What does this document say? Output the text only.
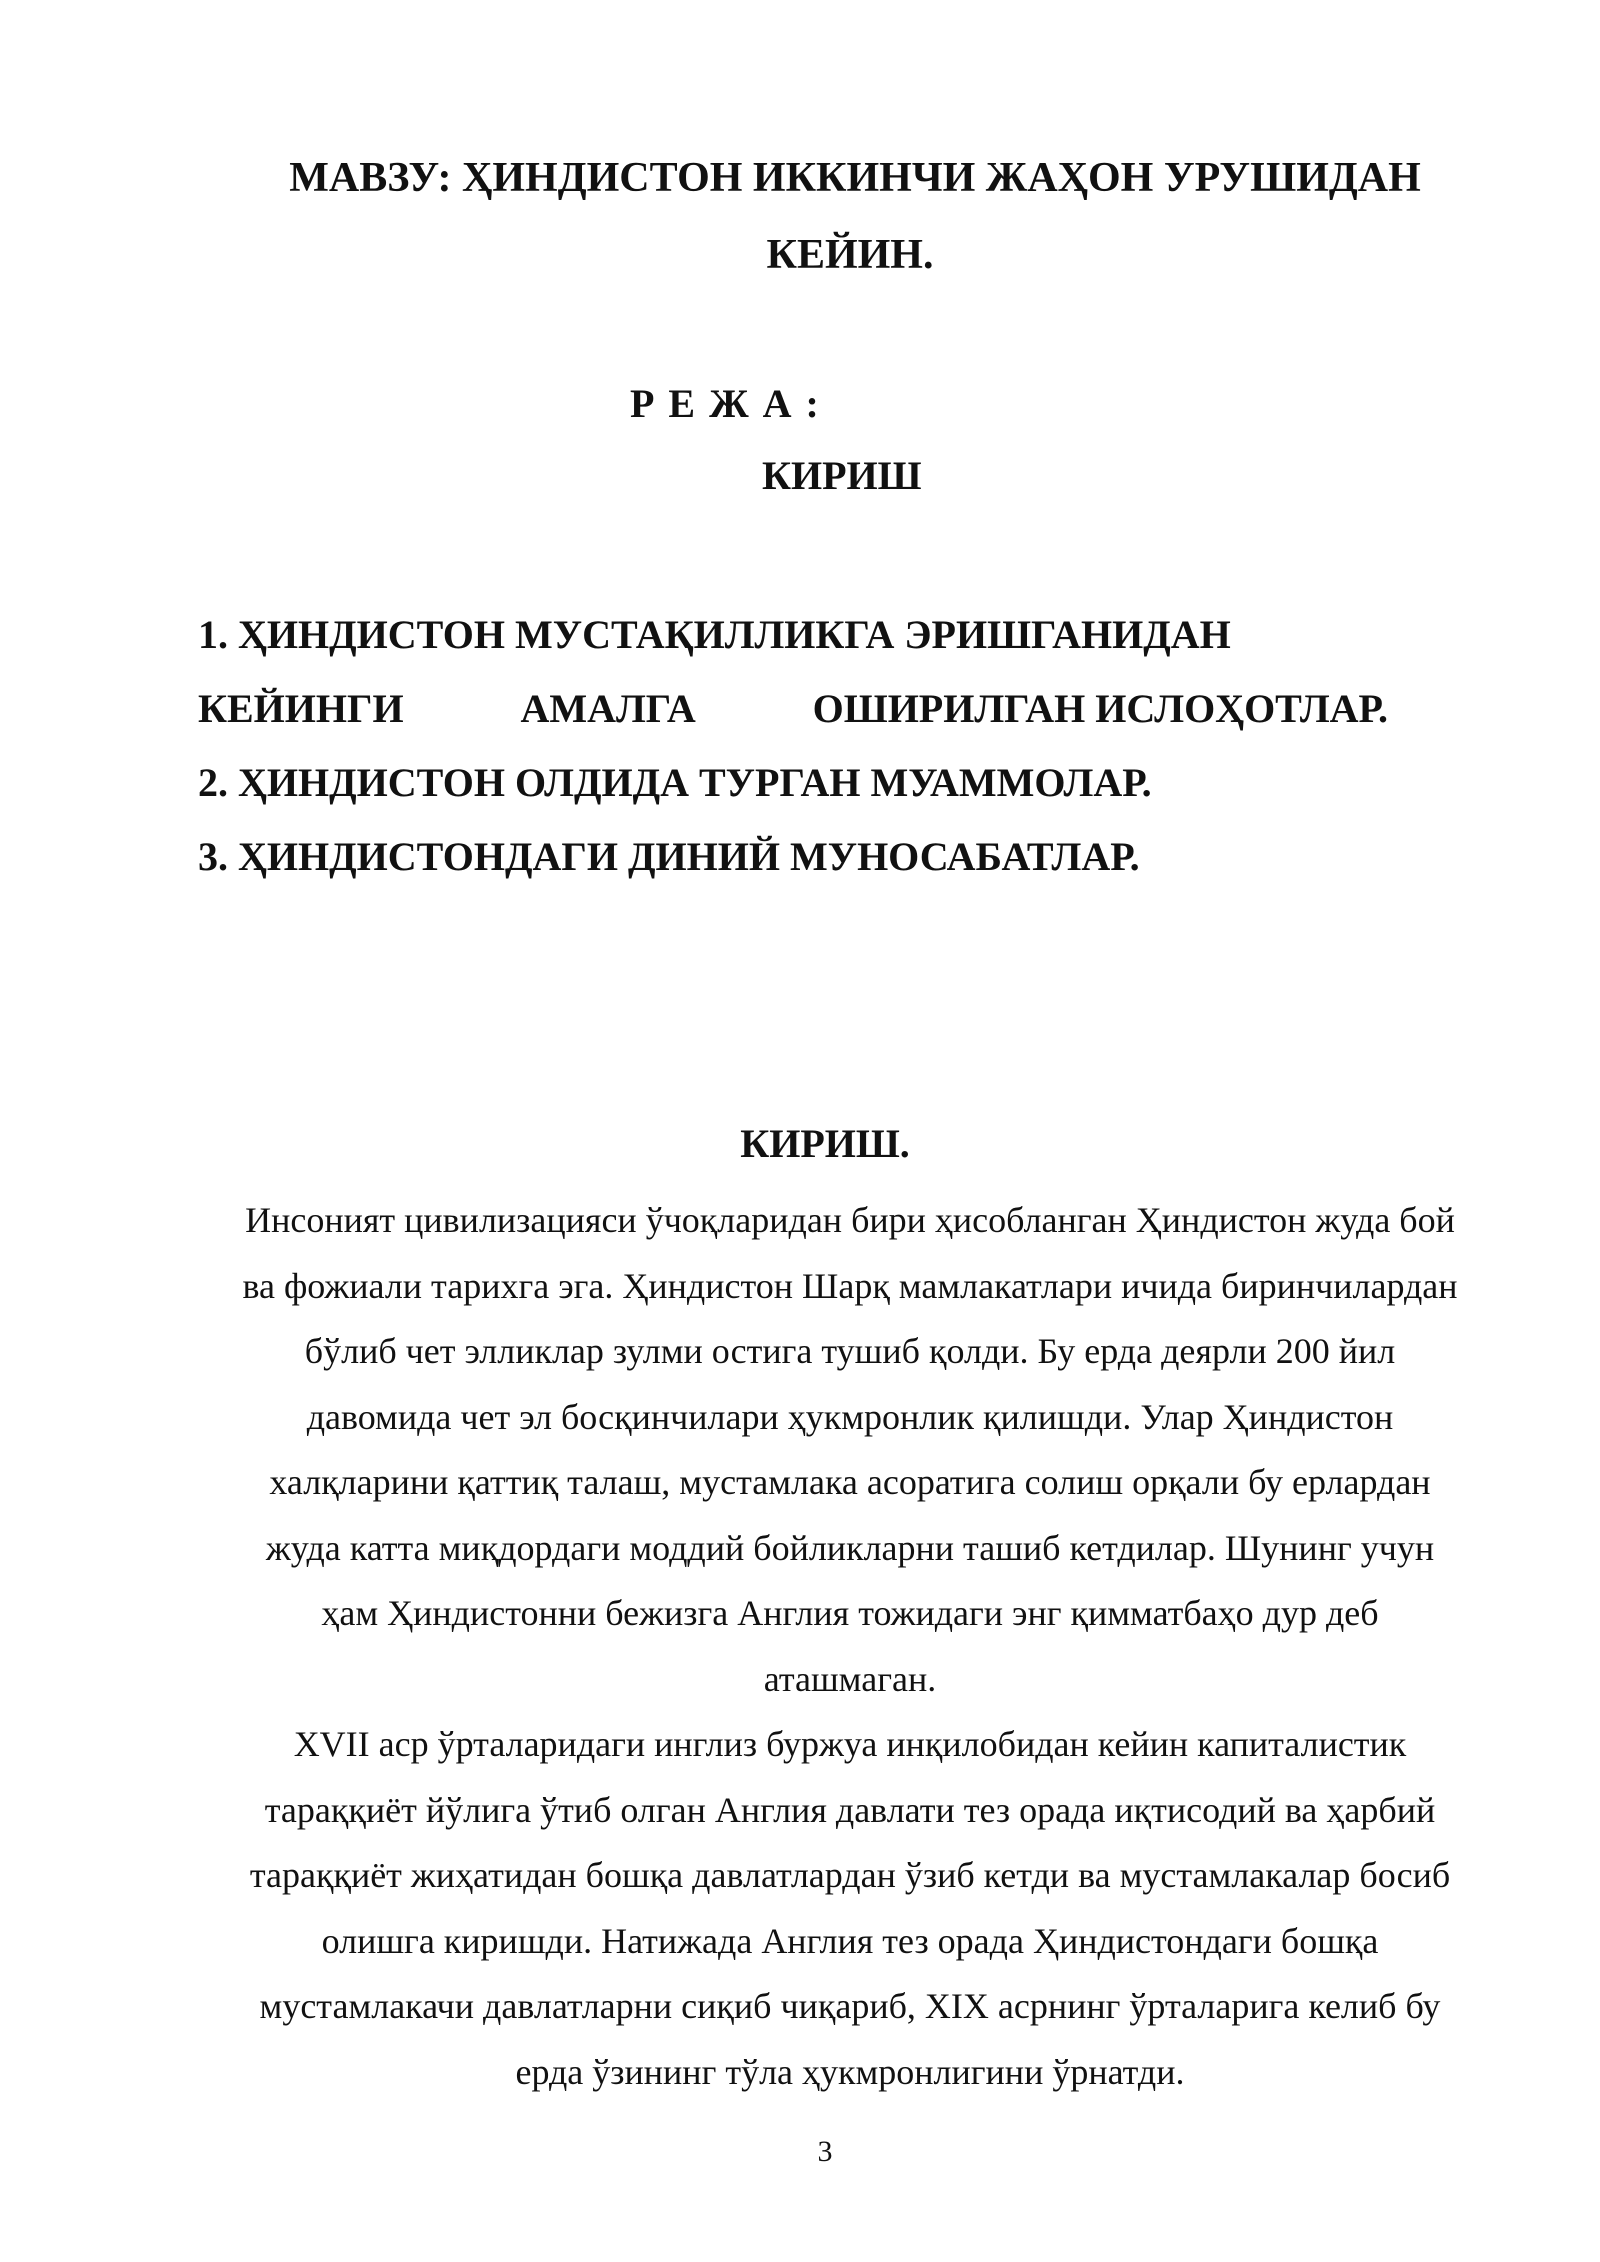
МАВЗУ: ҲИНДИСТОН ИККИНЧИ ЖАҲОН УРУШИДАН
КЕЙИН.
Р Е Ж А :
КИРИШ
1. ҲИНДИСТОН МУСТАҚИЛЛИКГА ЭРИШГАНИДАН
КЕЙИНГИ	АМАЛГА	ОШИРИЛГАН ИСЛОҲОТЛАР.
2. ҲИНДИСТОН ОЛДИДА ТУРГАН МУАММОЛАР.
3. ҲИНДИСТОНДАГИ ДИНИЙ МУНОСАБАТЛАР.
КИРИШ.
Инсоният цивилизацияси ўчоқларидан бири ҳисобланган Ҳиндистон жуда бой
ва фожиали тарихга эга. Ҳиндистон Шарқ мамлакатлари ичида биринчилардан
бўлиб чет элликлар зулми остига тушиб қолди. Бу ерда деярли 200 йил
давомида чет эл босқинчилари ҳукмронлик қилишди. Улар Ҳиндистон
халқларини қаттиқ талаш, мустамлака асоратига солиш орқали бу ерлардан
жуда катта миқдордаги моддий бойликларни ташиб кетдилар. Шунинг учун
ҳам Ҳиндистонни бежизга Англия тожидаги энг қимматбаҳо дур деб
аташмаган.
XVII аср ўрталаридаги инглиз буржуа инқилобидан кейин капиталистик
тараққиёт йўлига ўтиб олган Англия давлати тез орада иқтисодий ва ҳарбий
тараққиёт жиҳатидан бошқа давлатлардан ўзиб кетди ва мустамлакалар босиб
олишга киришди. Натижада Англия тез орада Ҳиндистондаги бошқа
мустамлакачи давлатларни сиқиб чиқариб, XIX асрнинг ўрталарига келиб бу
ерда ўзининг тўла ҳукмронлигини ўрнатди.
3
